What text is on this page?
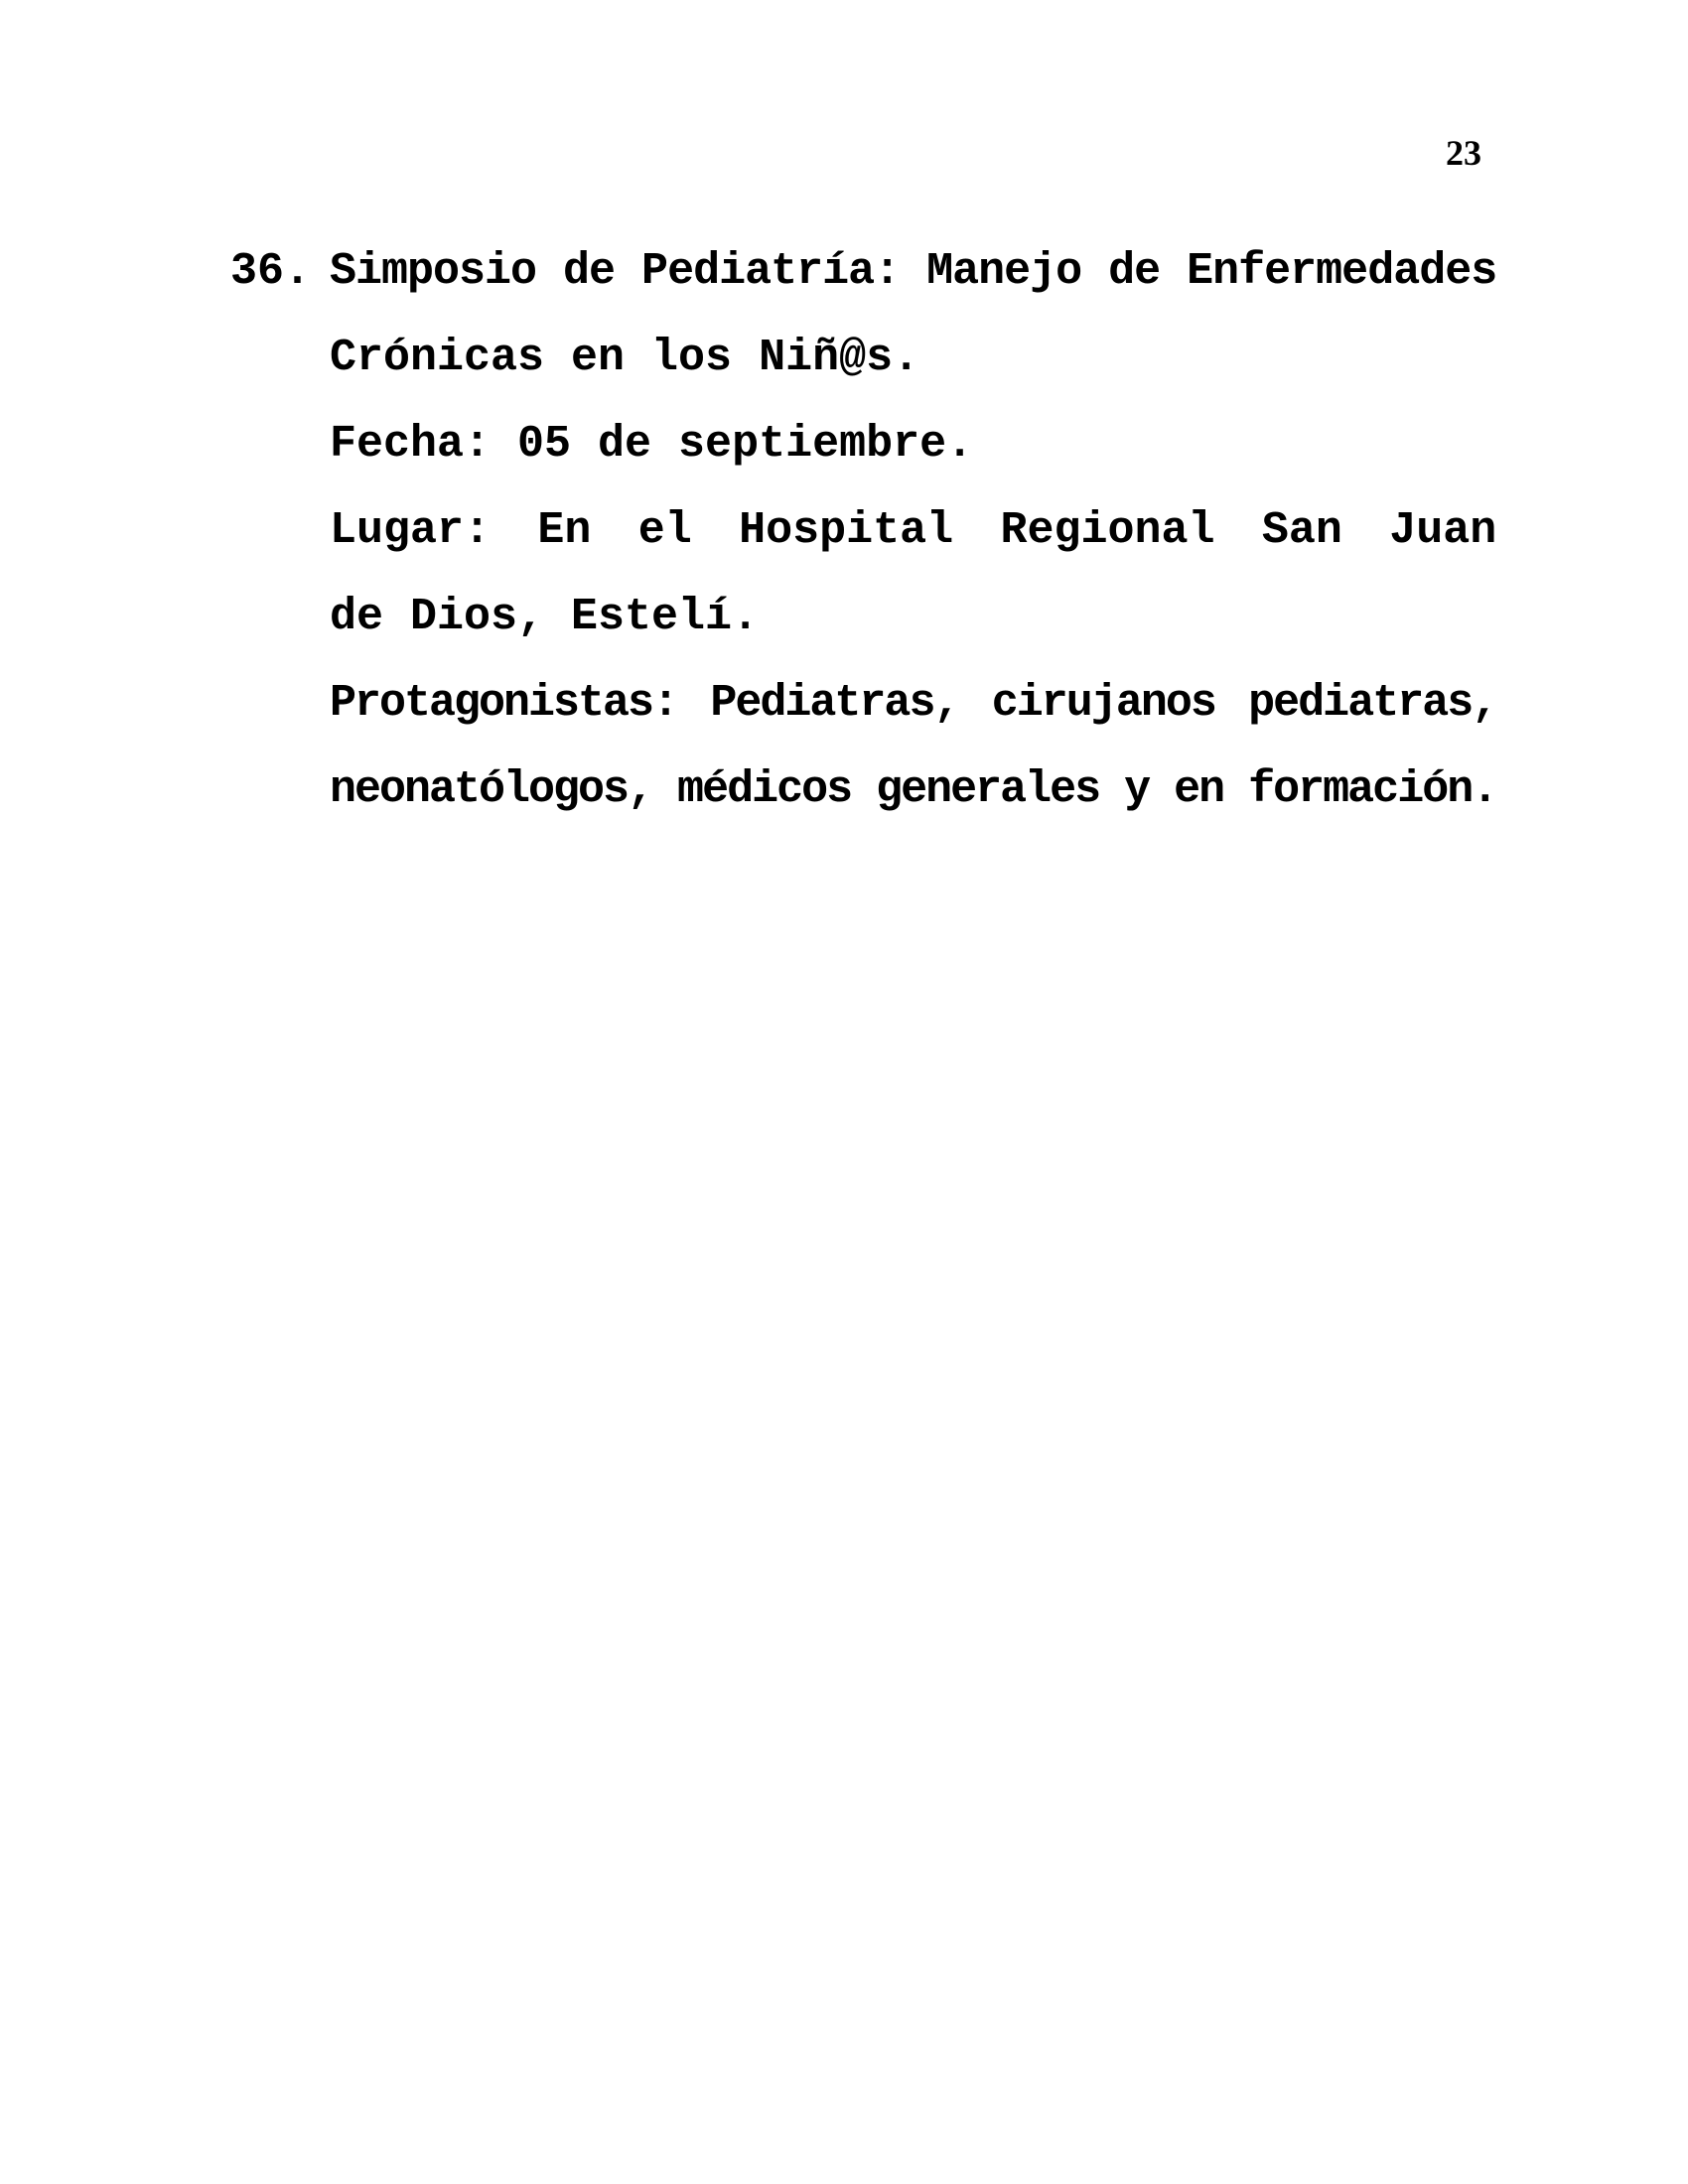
23
36. Simposio de Pediatría: Manejo de Enfermedades
Crónicas en los Niñ@s.
Fecha: 05 de septiembre.
Lugar: En el Hospital Regional San Juan
de Dios, Estelí.
Protagonistas: Pediatras, cirujanos pediatras,
neonatólogos, médicos generales y en formación.
